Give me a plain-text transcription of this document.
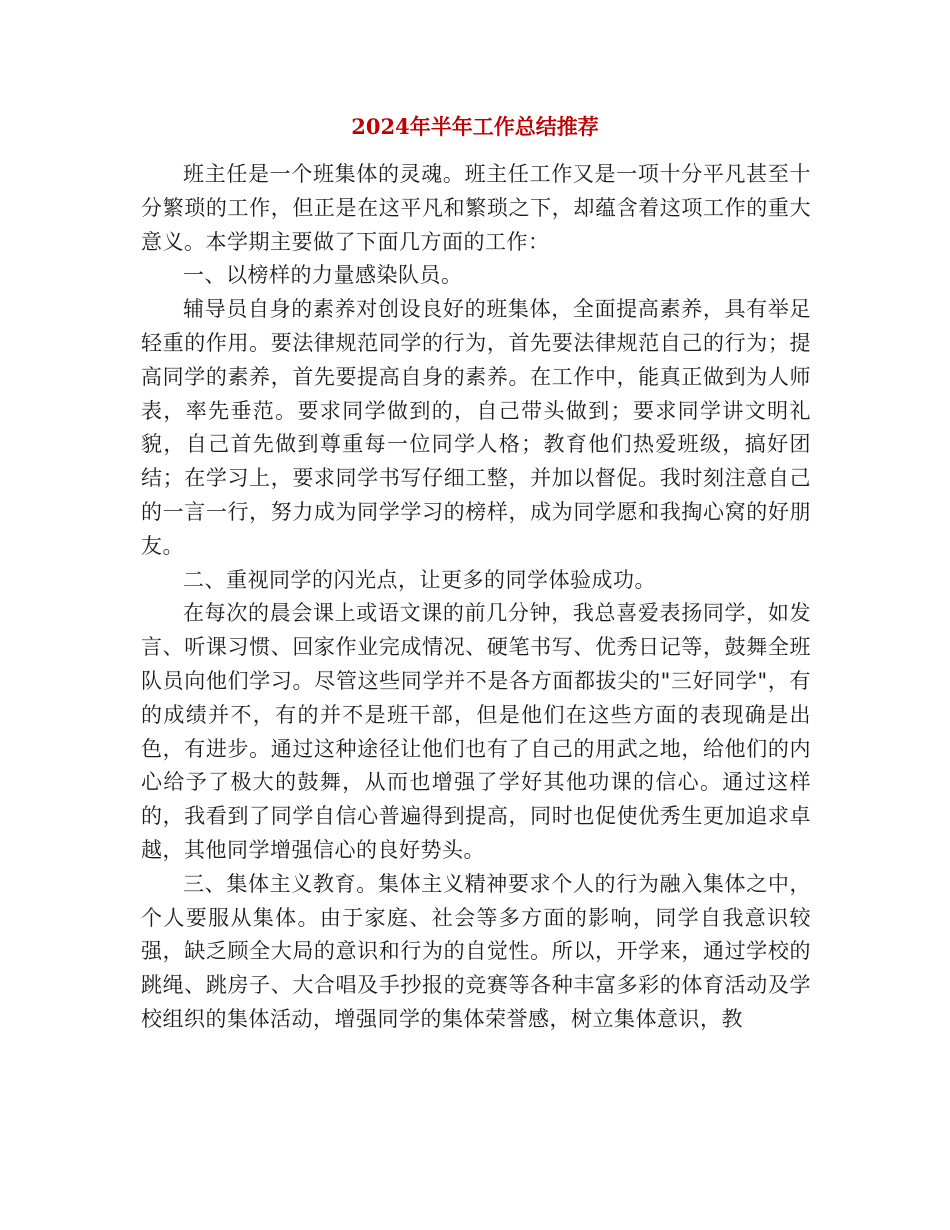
2024年半年工作总结推荐

班主任是一个班集体的灵魂。班主任工作又是一项十分平凡甚至十分繁琐的工作，但正是在这平凡和繁琐之下，却蕴含着这项工作的重大意义。本学期主要做了下面几方面的工作：

一、以榜样的力量感染队员。

辅导员自身的素养对创设良好的班集体，全面提高素养，具有举足轻重的作用。要法律规范同学的行为，首先要法律规范自己的行为；提高同学的素养，首先要提高自身的素养。在工作中，能真正做到为人师表，率先垂范。要求同学做到的，自己带头做到；要求同学讲文明礼貌，自己首先做到尊重每一位同学人格；教育他们热爱班级，搞好团结；在学习上，要求同学书写仔细工整，并加以督促。我时刻注意自己的一言一行，努力成为同学学习的榜样，成为同学愿和我掏心窝的好朋友。

二、重视同学的闪光点，让更多的同学体验成功。

在每次的晨会课上或语文课的前几分钟，我总喜爱表扬同学，如发言、听课习惯、回家作业完成情况、硬笔书写、优秀日记等，鼓舞全班队员向他们学习。尽管这些同学并不是各方面都拔尖的"三好同学"，有的成绩并不，有的并不是班干部，但是他们在这些方面的表现确是出色，有进步。通过这种途径让他们也有了自己的用武之地，给他们的内心给予了极大的鼓舞，从而也增强了学好其他功课的信心。通过这样的，我看到了同学自信心普遍得到提高，同时也促使优秀生更加追求卓越，其他同学增强信心的良好势头。

三、集体主义教育。集体主义精神要求个人的行为融入集体之中，个人要服从集体。由于家庭、社会等多方面的影响，同学自我意识较强，缺乏顾全大局的意识和行为的自觉性。所以，开学来，通过学校的跳绳、跳房子、大合唱及手抄报的竞赛等各种丰富多彩的体育活动及学校组织的集体活动，增强同学的集体荣誉感，树立集体意识，教
